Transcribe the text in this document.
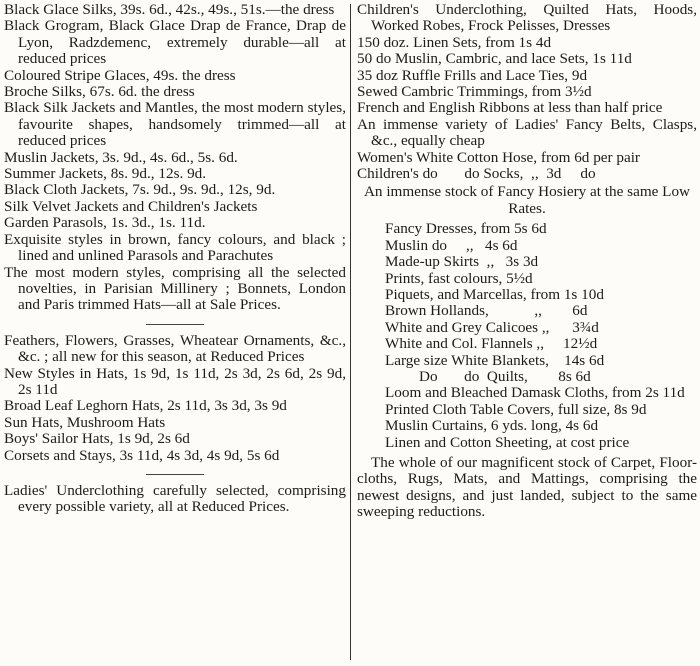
Black Glace Silks, 39s. 6d., 42s., 49s., 51s.—the dress

Black Grogram, Black Glace Drap de France, Drap de Lyon, Radzdemenc, extremely durable—all at reduced prices

Coloured Stripe Glaces, 49s. the dress

Broche Silks, 67s. 6d. the dress

Black Silk Jackets and Mantles, the most modern styles, favourite shapes, handsomely trimmed—all at reduced prices

Muslin Jackets, 3s. 9d., 4s. 6d., 5s. 6d.

Summer Jackets, 8s. 9d., 12s. 9d.

Black Cloth Jackets, 7s. 9d., 9s. 9d., 12s, 9d.

Silk Velvet Jackets and Children's Jackets

Garden Parasols, 1s. 3d., 1s. 11d.

Exquisite styles in brown, fancy colours, and black ; lined and unlined Parasols and Parachutes

The most modern styles, comprising all the selected novelties, in Parisian Millinery ; Bonnets, London and Paris trimmed Hats—all at Sale Prices.

Feathers, Flowers, Grasses, Wheatear Ornaments, &c., &c. ; all new for this season, at Reduced Prices

New Styles in Hats, 1s 9d, 1s 11d, 2s 3d, 2s 6d, 2s 9d, 2s 11d

Broad Leaf Leghorn Hats, 2s 11d, 3s 3d, 3s 9d

Sun Hats, Mushroom Hats

Boys' Sailor Hats, 1s 9d, 2s 6d

Corsets and Stays, 3s 11d, 4s 3d, 4s 9d, 5s 6d

Ladies' Underclothing carefully selected, comprising every possible variety, all at Reduced Prices.

Children's Underclothing, Quilted Hats, Hoods, Worked Robes, Frock Pelisses, Dresses

150 doz. Linen Sets, from 1s 4d

50 do Muslin, Cambric, and lace Sets, 1s 11d

35 doz Ruffle Frills and Lace Ties, 9d

Sewed Cambric Trimmings, from 3½d

French and English Ribbons at less than half price

An immense variety of Ladies' Fancy Belts, Clasps, &c., equally cheap

Women's White Cotton Hose, from 6d per pair

Children's do       do Socks,  ,,  3d     do

An immense stock of Fancy Hosiery at the same Low Rates.

Fancy Dresses, from 5s 6d

Muslin do     ,,   4s 6d

Made-up Skirts  ,,   3s 3d

Prints, fast colours, 5½d

Piquets, and Marcellas, from 1s 10d

Brown Hollands,            ,,        6d

White and Grey Calicoes ,,      3¾d

White and Col. Flannels ,,     12½d

Large size White Blankets,    14s 6d

Do       do  Quilts,        8s 6d

Loom and Bleached Damask Cloths, from 2s 11d

Printed Cloth Table Covers, full size, 8s 9d

Muslin Curtains, 6 yds. long, 4s 6d

Linen and Cotton Sheeting, at cost price

The whole of our magnificent stock of Carpet, Floor-cloths, Rugs, Mats, and Mattings, comprising the newest designs, and just landed, subject to the same sweeping reductions.
